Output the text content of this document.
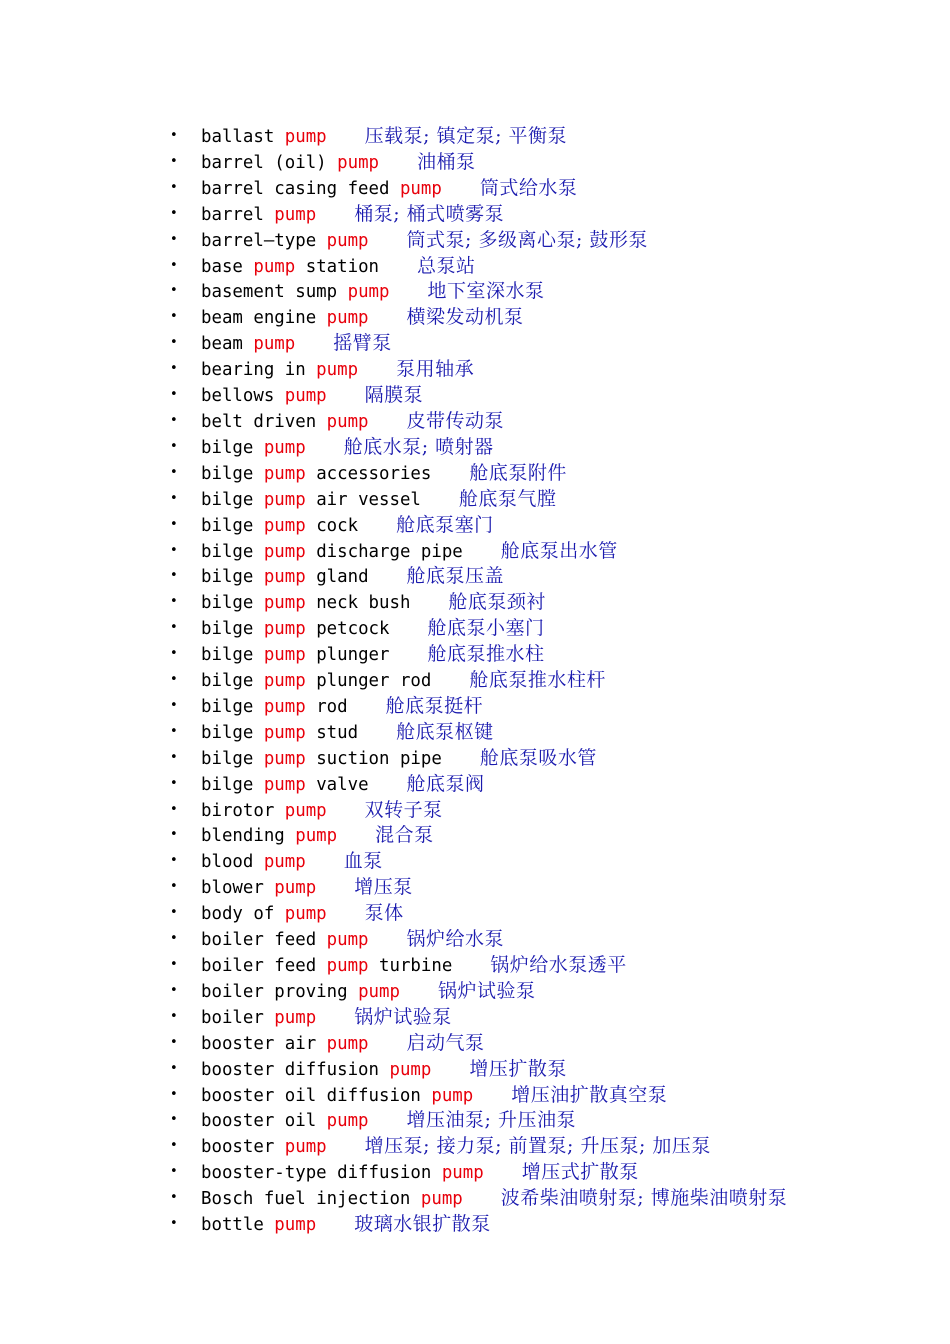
• ballast pump 压载泵; 镇定泵; 平衡泵
• barrel (oil) pump 油桶泵
• barrel casing feed pump 筒式给水泵
• barrel pump 桶泵; 桶式喷雾泵
• barrel—type pump 筒式泵; 多级离心泵; 鼓形泵
• base pump station 总泵站
• basement sump pump 地下室深水泵
• beam engine pump 横梁发动机泵
• beam pump 摇臂泵
• bearing in pump 泵用轴承
• bellows pump 隔膜泵
• belt driven pump 皮带传动泵
• bilge pump 舱底水泵; 喷射器
• bilge pump accessories 舱底泵附件
• bilge pump air vessel 舱底泵气膛
• bilge pump cock 舱底泵塞门
• bilge pump discharge pipe 舱底泵出水管
• bilge pump gland 舱底泵压盖
• bilge pump neck bush 舱底泵颈衬
• bilge pump petcock 舱底泵小塞门
• bilge pump plunger 舱底泵推水柱
• bilge pump plunger rod 舱底泵推水柱杆
• bilge pump rod 舱底泵挺杆
• bilge pump stud 舱底泵枢键
• bilge pump suction pipe 舱底泵吸水管
• bilge pump valve 舱底泵阀
• birotor pump 双转子泵
• blending pump 混合泵
• blood pump 血泵
• blower pump 增压泵
• body of pump 泵体
• boiler feed pump 锅炉给水泵
• boiler feed pump turbine 锅炉给水泵透平
• boiler proving pump 锅炉试验泵
• boiler pump 锅炉试验泵
• booster air pump 启动气泵
• booster diffusion pump 增压扩散泵
• booster oil diffusion pump 增压油扩散真空泵
• booster oil pump 增压油泵; 升压油泵
• booster pump 增压泵; 接力泵; 前置泵; 升压泵; 加压泵
• booster-type diffusion pump 增压式扩散泵
• Bosch fuel injection pump 波希柴油喷射泵; 博施柴油喷射泵
• bottle pump 玻璃水银扩散泵
